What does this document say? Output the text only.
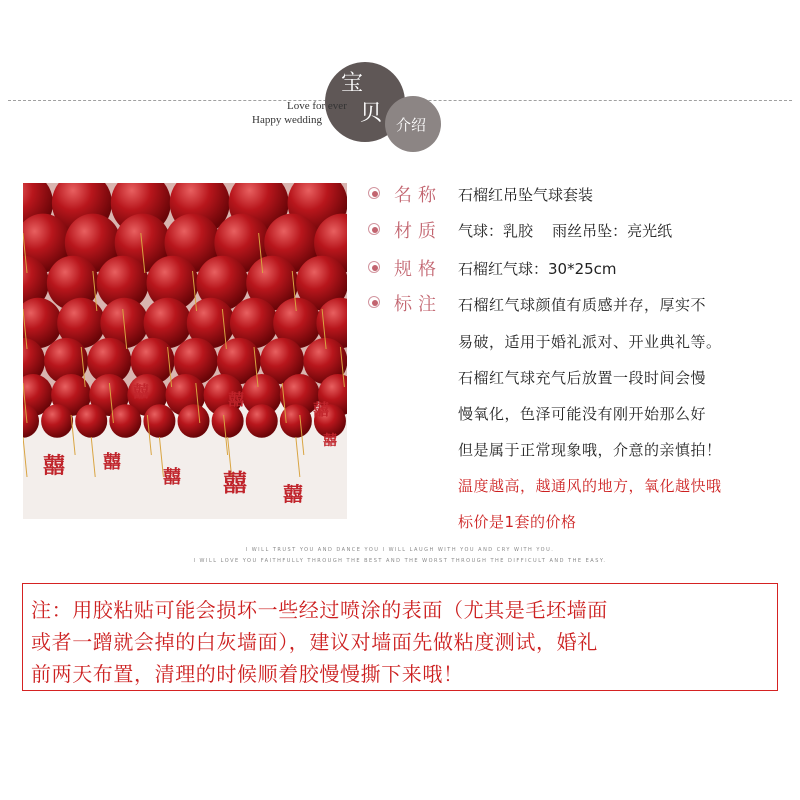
宝
贝 介绍
Love for ever
Happy wedding
囍 囍
囍 囍 囍
囍
囍	囍
囍
名称	石榴红吊坠气球套装
材质	气球：乳胶    雨丝吊坠：亮光纸
规格	石榴红气球：30*25cm
标注	石榴红气球颜值有质感并存，厚实不
易破，适用于婚礼派对、开业典礼等。
石榴红气球充气后放置一段时间会慢
慢氧化，色泽可能没有刚开始那么好
但是属于正常现象哦，介意的亲慎拍！
温度越高，越通风的地方，氧化越快哦
标价是1套的价格
I WILL TRUST YOU AND DANCE YOU I WILL LAUGH WITH YOU AND CRY WITH YOU.
I WILL LOVE YOU FAITHFULLY THROUGH THE BEST AND THE WORST THROUGH THE DIFFICULT AND THE EASY.
注：用胶粘贴可能会损坏一些经过喷涂的表面（尤其是毛坯墙面
或者一蹭就会掉的白灰墙面），建议对墙面先做粘度测试，婚礼
前两天布置，清理的时候顺着胶慢慢撕下来哦！
